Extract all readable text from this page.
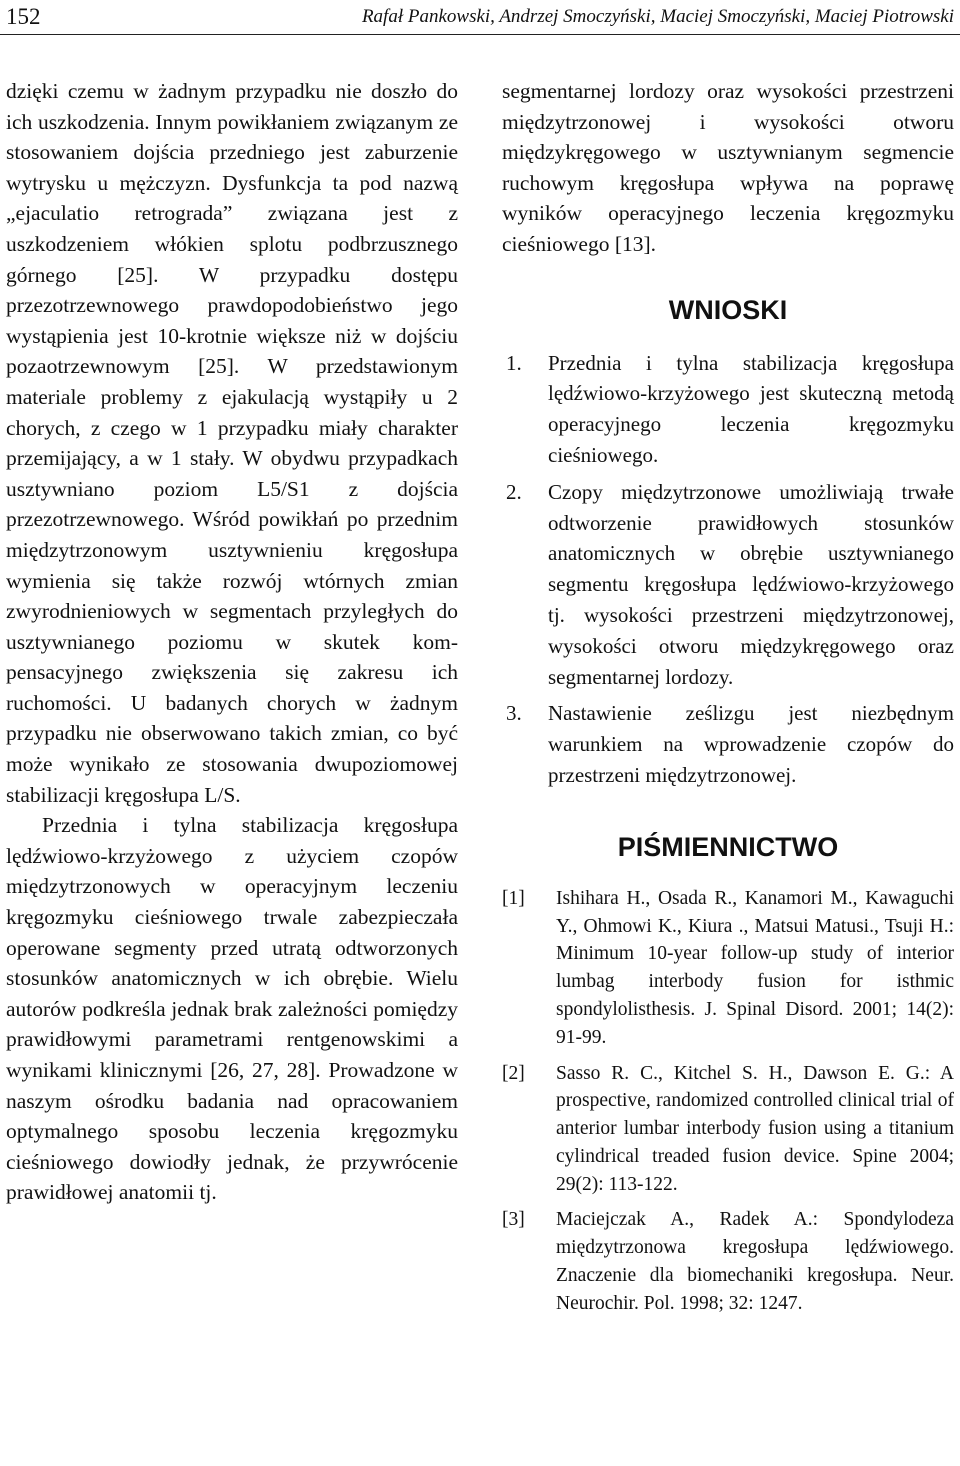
152	Rafał Pankowski, Andrzej Smoczyński, Maciej Smoczyński, Maciej Piotrowski

dzięki czemu w żadnym przypadku nie doszło do ich uszkodzenia. Innym powikłaniem związanym ze stosowaniem dojścia przedniego jest zaburzenie wytrysku u mężczyzn. Dysfunkcja ta pod nazwą „ejaculatio retrograda” związana jest z uszkodzeniem włókien splotu podbrzusznego górnego [25]. W przypadku dostępu przezotrzewnowego prawdopodobieństwo jego wystąpienia jest 10-krotnie większe niż w dojściu pozaotrzewnowym [25]. W przedstawionym materiale problemy z ejakulacją wystąpiły u 2 chorych, z czego w 1 przypadku miały charakter przemijający, a w 1 stały. W obydwu przypadkach usztywniano poziom L5/S1 z dojścia przezotrzewnowego. Wśród powikłań po przednim międzytrzonowym usztywnieniu kręgosłupa wymienia się także rozwój wtórnych zmian zwyrodnieniowych w segmentach przyległych do usztywnianego poziomu w skutek kompensacyjnego zwiększenia się zakresu ich ruchomości. U badanych chorych w żadnym przypadku nie obserwowano takich zmian, co być może wynikało ze stosowania dwupoziomowej stabilizacji kręgosłupa L/S.

Przednia i tylna stabilizacja kręgosłupa lędźwiowo-krzyżowego z użyciem czopów międzytrzonowych w operacyjnym leczeniu kręgozmyku cieśniowego trwale zabezpieczała operowane segmenty przed utratą odtworzonych stosunków anatomicznych w ich obrębie. Wielu autorów podkreśla jednak brak zależności pomiędzy prawidłowymi parametrami rentgenowskimi a wynikami klinicznymi [26, 27, 28]. Prowadzone w naszym ośrodku badania nad opracowaniem optymalnego sposobu leczenia kręgozmyku cieśniowego dowiodły jednak, że przywrócenie prawidłowej anatomii tj.

segmentarnej lordozy oraz wysokości przestrzeni międzytrzonowej i wysokości otworu międzykręgowego w usztywnianym segmencie ruchowym kręgosłupa wpływa na poprawę wyników operacyjnego leczenia kręgozmyku cieśniowego [13].

WNIOSKI
1. Przednia i tylna stabilizacja kręgosłupa lędźwiowo-krzyżowego jest skuteczną metodą operacyjnego leczenia kręgozmyku cieśniowego.
2. Czopy międzytrzonowe umożliwiają trwałe odtworzenie prawidłowych stosunków anatomicznych w obrębie usztywnianego segmentu kręgosłupa lędźwiowo-krzyżowego tj. wysokości przestrzeni międzytrzonowej, wysokości otworu międzykręgowego oraz segmentarnej lordozy.
3. Nastawienie ześlizgu jest niezbędnym warunkiem na wprowadzenie czopów do przestrzeni międzytrzonowej.
PIŚMIENNICTWO
[1] Ishihara H., Osada R., Kanamori M., Kawaguchi Y., Ohmowi K., Kiura ., Matsui Matusi., Tsuji H.: Minimum 10-year follow-up study of interior lumbag interbody fusion for isthmic spondylolisthesis. J. Spinal Disord. 2001; 14(2): 91-99.
[2] Sasso R. C., Kitchel S. H., Dawson E. G.: A prospective, randomized controlled clinical trial of anterior lumbar interbody fusion using a titanium cylindrical treaded fusion device. Spine 2004; 29(2): 113-122.
[3] Maciejczak A., Radek A.: Spondylodeza międzytrzonowa kregosłupa lędźwiowego. Znaczenie dla biomechaniki kregosłupa. Neur. Neurochir. Pol. 1998; 32: 1247.
